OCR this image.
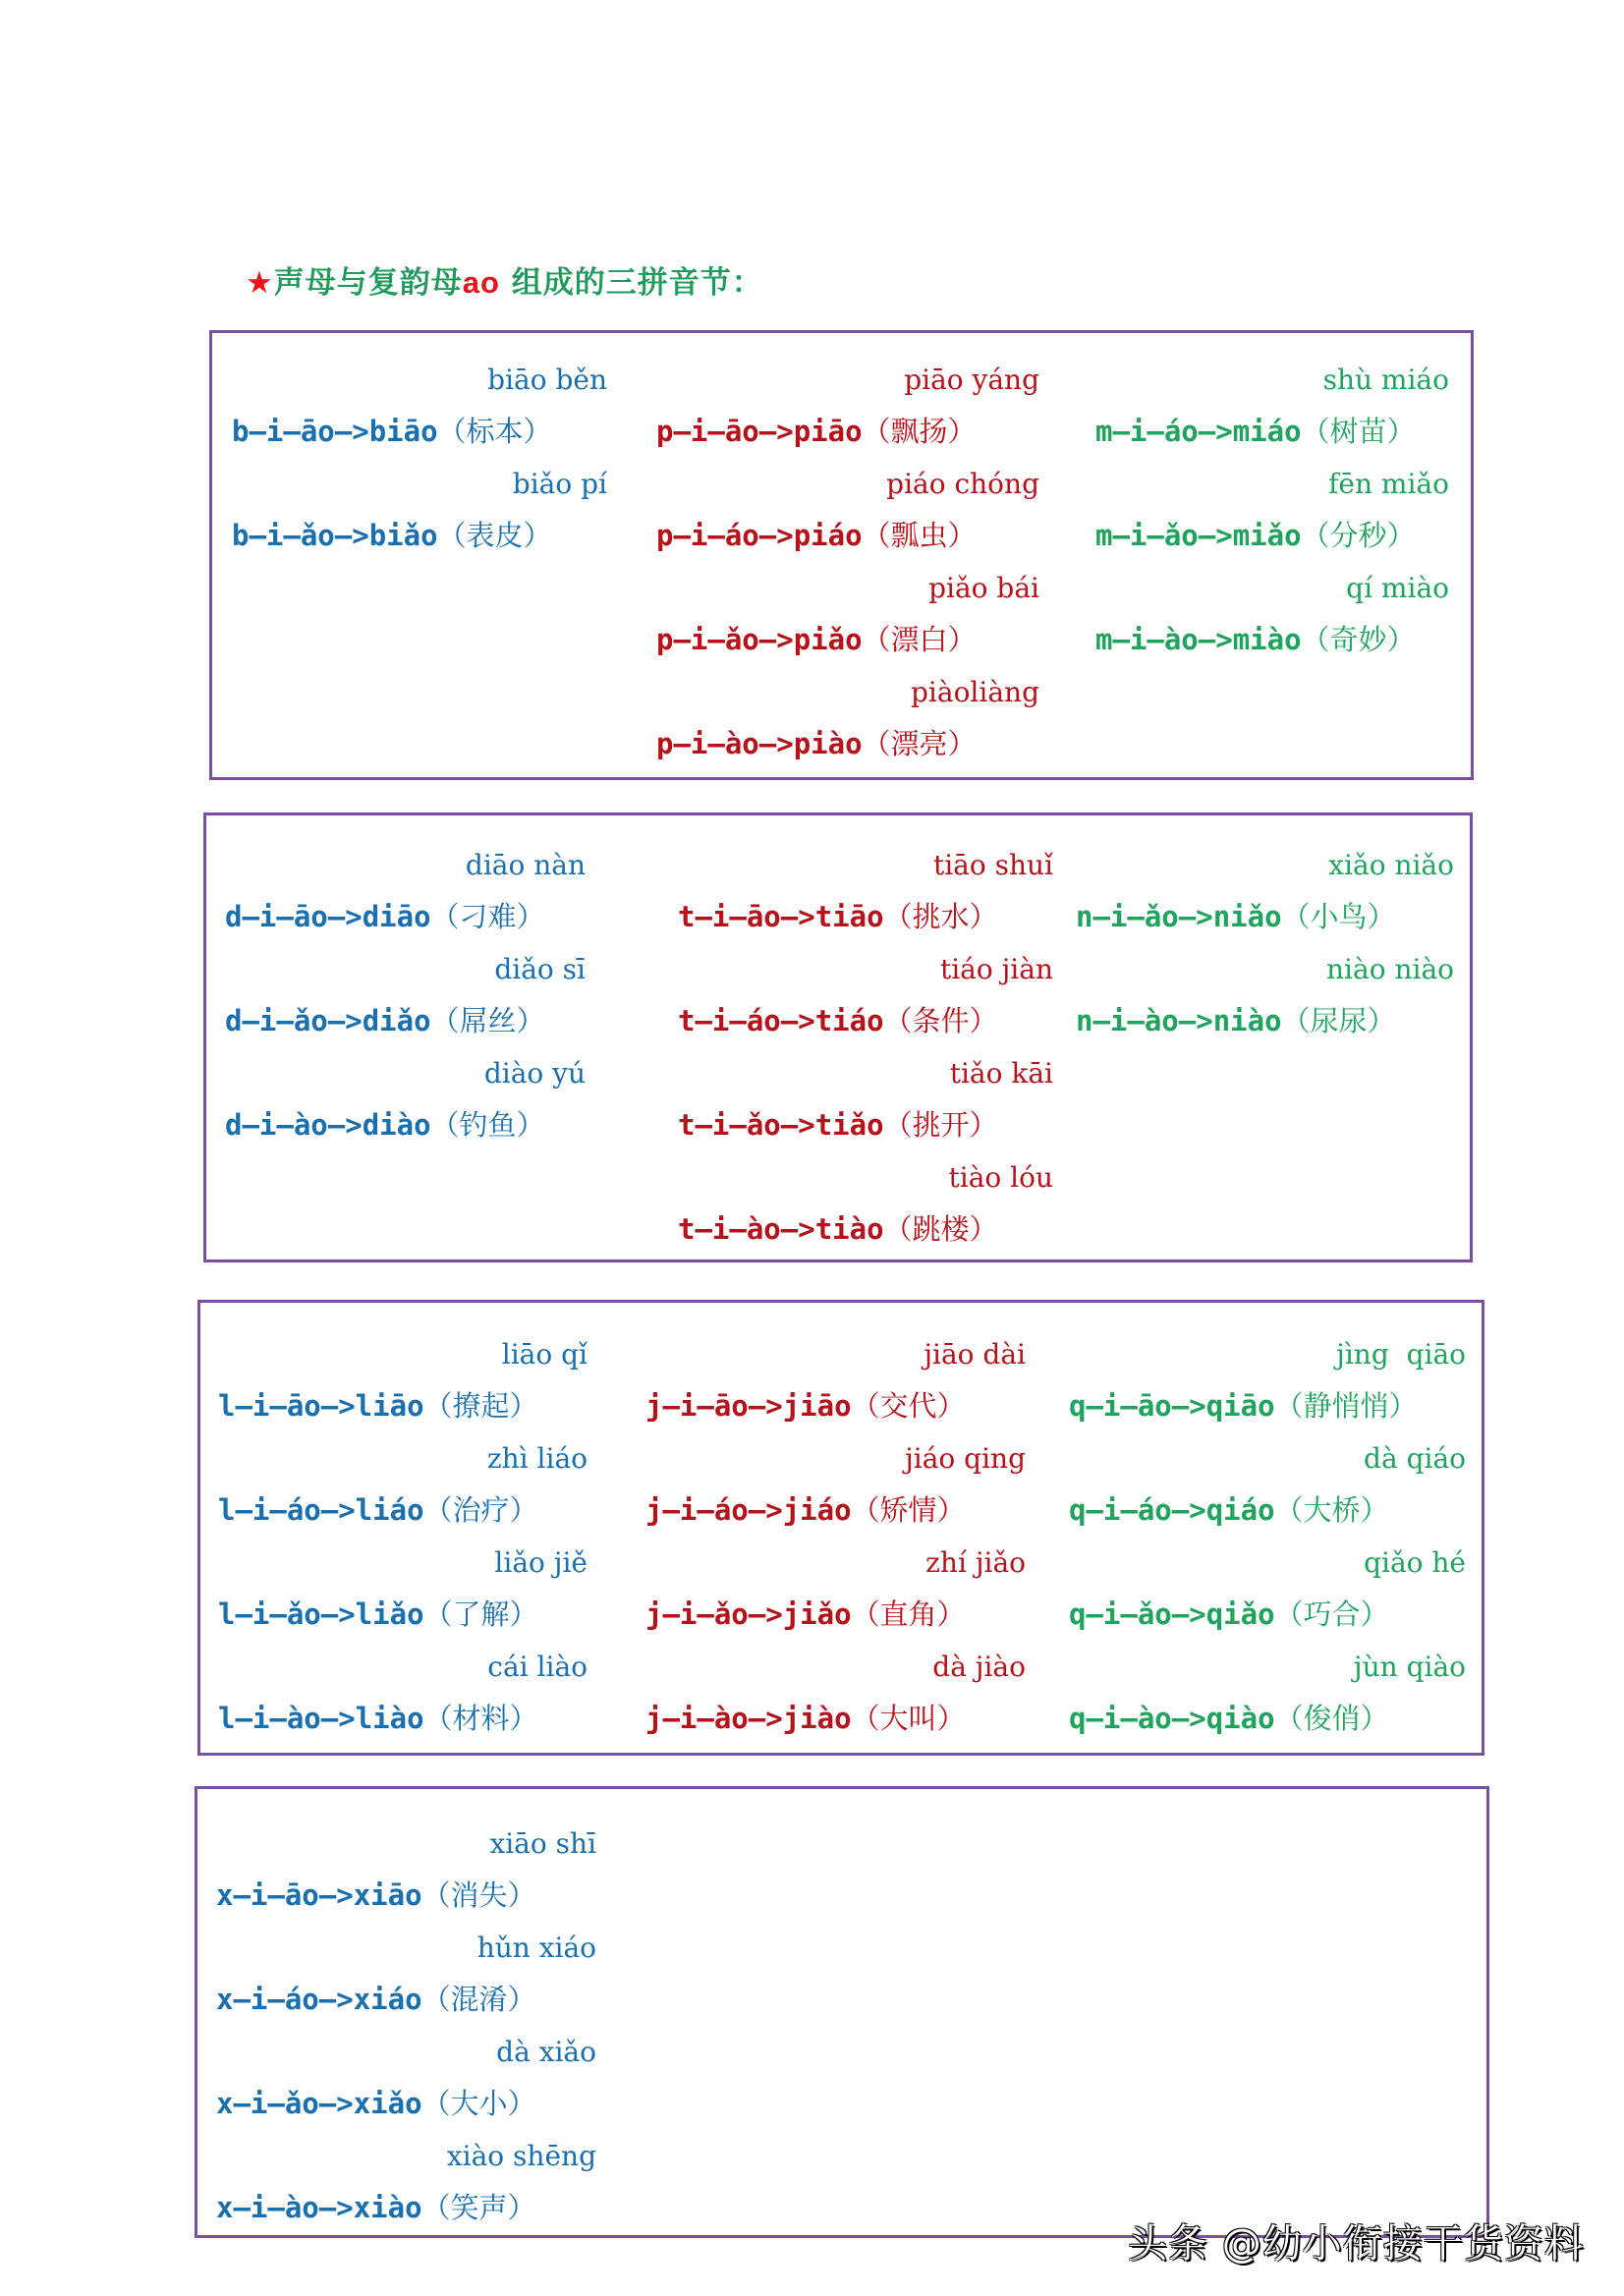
★声母与复韵母ao 组成的三拼音节：
biāo běn
b—i—āo—>biāo（标本）
biǎo pí
b—i—ǎo—>biǎo（表皮）
piāo yáng
p—i—āo—>piāo（飘扬）
piáo chóng
p—i—áo—>piáo（瓢虫）
piǎo bái
p—i—ǎo—>piǎo（漂白）
piàoliàng
p—i—ào—>piào（漂亮）
shù miáo
m—i—áo—>miáo（树苗）
fēn miǎo
m—i—ǎo—>miǎo（分秒）
qí miào
m—i—ào—>miào（奇妙）
diāo nàn
d—i—āo—>diāo（刁难）
diǎo sī
d—i—ǎo—>diǎo（屌丝）
diào yú
d—i—ào—>diào（钓鱼）
tiāo shuǐ
t—i—āo—>tiāo（挑水）
tiáo jiàn
t—i—áo—>tiáo（条件）
tiǎo kāi
t—i—ǎo—>tiǎo（挑开）
tiào lóu
t—i—ào—>tiào（跳楼）
xiǎo niǎo
n—i—ǎo—>niǎo（小鸟）
niào niào
n—i—ào—>niào（尿尿）
liāo qǐ
l—i—āo—>liāo（撩起）
zhì liáo
l—i—áo—>liáo（治疗）
liǎo jiě
l—i—ǎo—>liǎo（了解）
cái liào
l—i—ào—>liào（材料）
jiāo dài
j—i—āo—>jiāo（交代）
jiáo qing
j—i—áo—>jiáo（矫情）
zhí jiǎo
j—i—ǎo—>jiǎo（直角）
dà jiào
j—i—ào—>jiào（大叫）
jìng  qiāo
q—i—āo—>qiāo（静悄悄）
dà qiáo
q—i—áo—>qiáo（大桥）
qiǎo hé
q—i—ǎo—>qiǎo（巧合）
jùn qiào
q—i—ào—>qiào（俊俏）
xiāo shī
x—i—āo—>xiāo（消失）
hǔn xiáo
x—i—áo—>xiáo（混淆）
dà xiǎo
x—i—ǎo—>xiǎo（大小）
xiào shēng
x—i—ào—>xiào（笑声）
头条 @幼小衔接干货资料
